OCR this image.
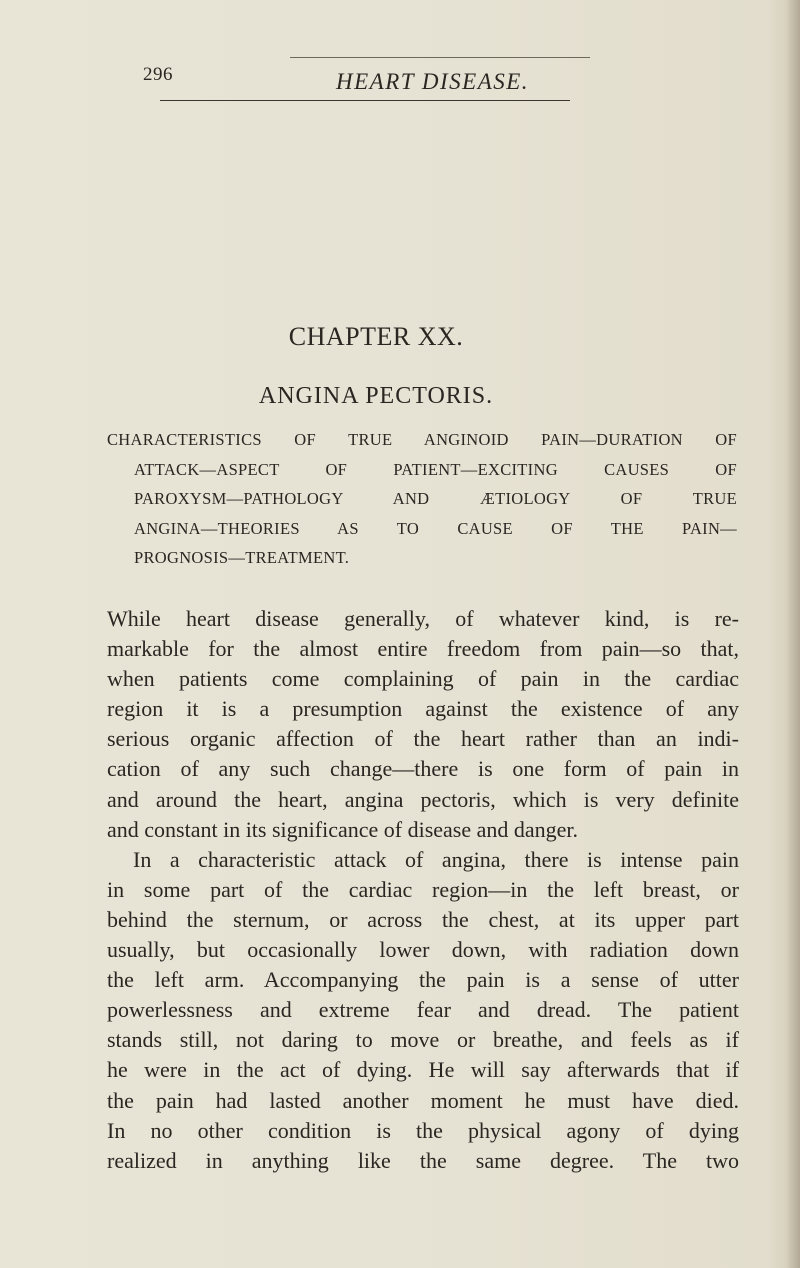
296	HEART DISEASE.
CHAPTER XX.
ANGINA PECTORIS.
CHARACTERISTICS OF TRUE ANGINOID PAIN—DURATION OF
ATTACK—ASPECT OF PATIENT—EXCITING CAUSES OF
PAROXYSM—PATHOLOGY AND ÆTIOLOGY OF TRUE
ANGINA—THEORIES AS TO CAUSE OF THE PAIN—
PROGNOSIS—TREATMENT.
While heart disease generally, of whatever kind, is re-
markable for the almost entire freedom from pain—so that,
when patients come complaining of pain in the cardiac
region it is a presumption against the existence of any
serious organic affection of the heart rather than an indi-
cation of any such change—there is one form of pain in
and around the heart, angina pectoris, which is very definite
and constant in its significance of disease and danger.
In a characteristic attack of angina, there is intense pain
in some part of the cardiac region—in the left breast, or
behind the sternum, or across the chest, at its upper part
usually, but occasionally lower down, with radiation down
the left arm. Accompanying the pain is a sense of utter
powerlessness and extreme fear and dread. The patient
stands still, not daring to move or breathe, and feels as if
he were in the act of dying. He will say afterwards that if
the pain had lasted another moment he must have died.
In no other condition is the physical agony of dying
realized in anything like the same degree. The two
